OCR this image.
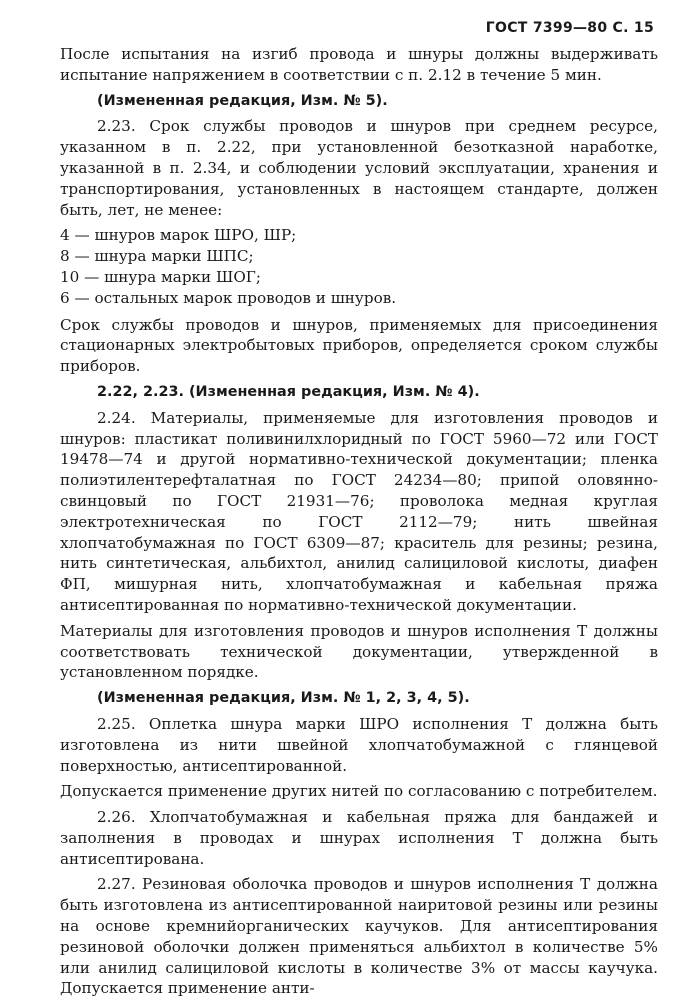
ГОСТ 7399—80 С. 15

После испытания на изгиб провода и шнуры должны выдерживать испытание напряжением в соответствии с п. 2.12 в течение 5 мин.

(Измененная редакция, Изм. № 5).

2.23. Срок службы проводов и шнуров при среднем ресурсе, указанном в п. 2.22, при установленной безотказной наработке, указанной в п. 2.34, и соблюдении условий эксплуатации, хранения и транспортирования, установленных в настоящем стандарте, должен быть, лет, не менее:

4 — шнуров марок ШРО, ШР;

8 — шнура марки ШПС;

10 — шнура марки ШОГ;

6 — остальных марок проводов и шнуров.

Срок службы проводов и шнуров, применяемых для присоединения стационарных электробытовых приборов, определяется сроком службы приборов.

2.22, 2.23. (Измененная редакция, Изм. № 4).

2.24. Материалы, применяемые для изготовления проводов и шнуров: пластикат поливинилхлоридный по ГОСТ 5960—72 или ГОСТ 19478—74 и другой нормативно-технической документации; пленка полиэтилентерефталатная по ГОСТ 24234—80; припой оловянно-свинцовый по ГОСТ 21931—76; проволока медная круглая электротехническая по ГОСТ 2112—79; нить швейная хлопчатобумажная по ГОСТ 6309—87; краситель для резины; резина, нить синтетическая, альбихтол, анилид салициловой кислоты, диафен ФП, мишурная нить, хлопчатобумажная и кабельная пряжа антисептированная по нормативно-технической документации.

Материалы для изготовления проводов и шнуров исполнения Т должны соответствовать технической документации, утвержденной в установленном порядке.

(Измененная редакция, Изм. № 1, 2, 3, 4, 5).

2.25. Оплетка шнура марки ШРО исполнения Т должна быть изготовлена из нити швейной хлопчатобумажной с глянцевой поверхностью, антисептированной.

Допускается применение других нитей по согласованию с потребителем.

2.26. Хлопчатобумажная и кабельная пряжа для бандажей и заполнения в проводах и шнурах исполнения Т должна быть антисептирована.

2.27. Резиновая оболочка проводов и шнуров исполнения Т должна быть изготовлена из антисептированной наиритовой резины или резины на основе кремнийорганических каучуков. Для антисептирования резиновой оболочки должен применяться альбихтол в количестве 5% или анилид салициловой кислоты в количестве 3% от массы каучука. Допускается применение анти-
